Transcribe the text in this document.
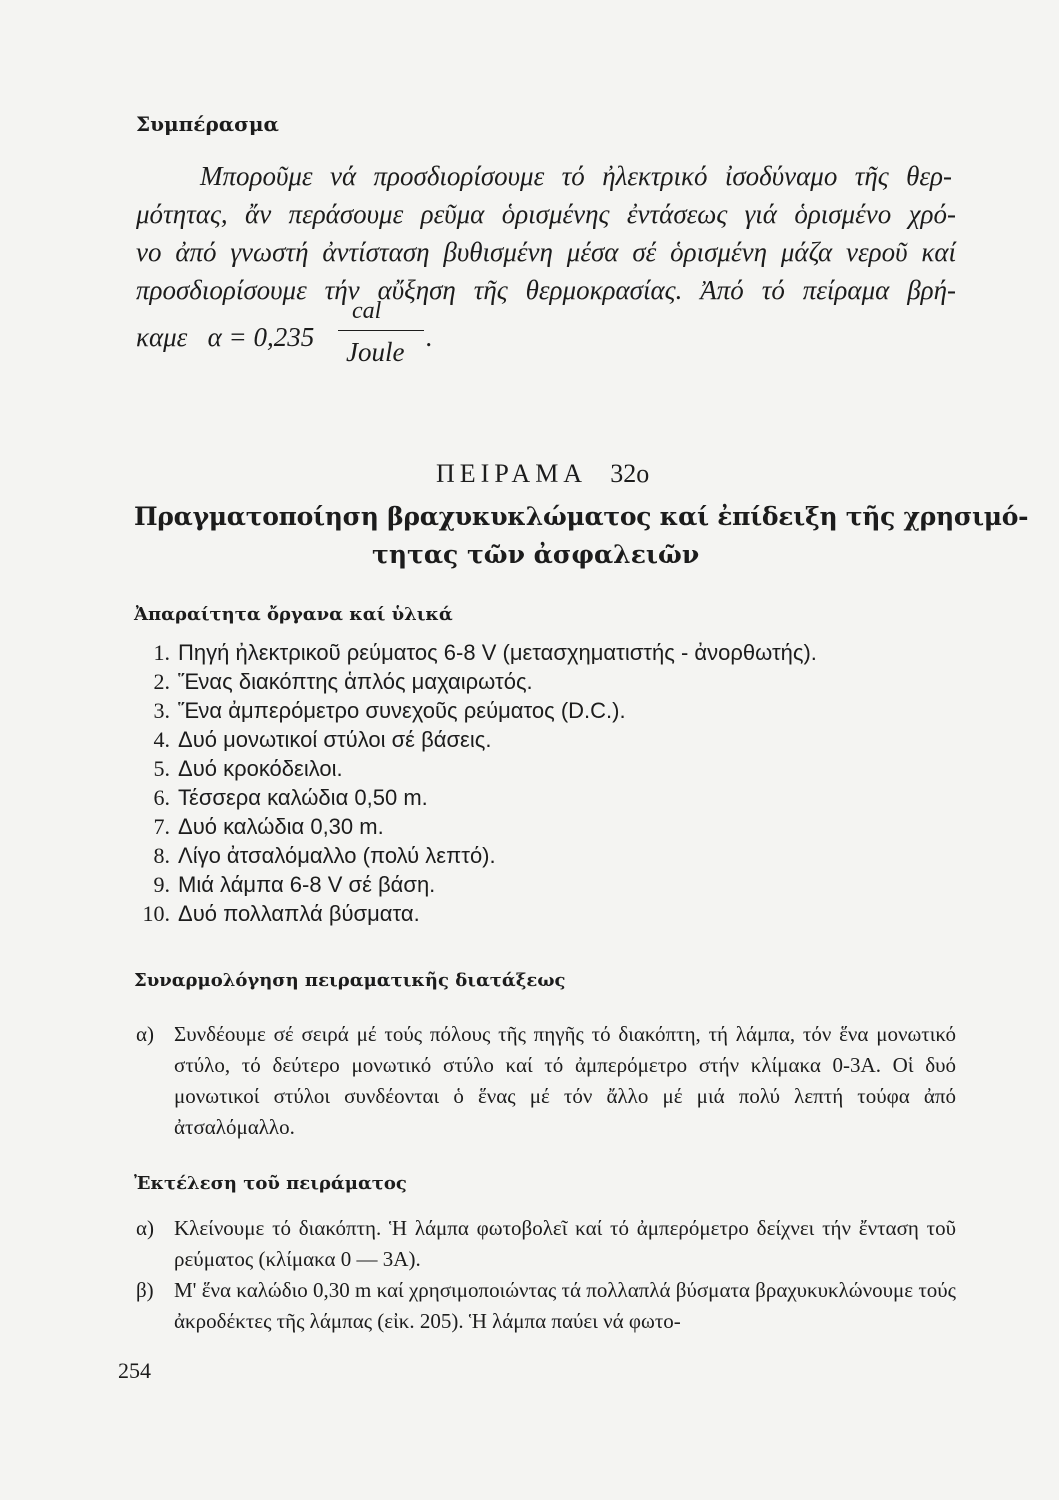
Συμπέρασμα
Μποροῦμε νά προσδιορίσουμε τό ἠλεκτρικό ἰσοδύναμο τῆς θερ-
μότητας, ἄν περάσουμε ρεῦμα ὁρισμένης ἐντάσεως γιά ὁρισμένο χρό-
νο ἀπό γνωστή ἀντίσταση βυθισμένη μέσα σέ ὁρισμένη μάζα νεροῦ καί
προσδιορίσουμε τήν αὔξηση τῆς θερμοκρασίας. Ἀπό τό πείραμα βρή-
καμε   α = 0,235
cal
Joule .
ΠΕΙΡΑΜΑ 32ο
Πραγματοποίηση βραχυκυκλώματος καί ἐπίδειξη τῆς χρησιμό-
τητας τῶν ἀσφαλειῶν
Ἀπαραίτητα ὄργανα καί ὑλικά
1. Πηγή ἠλεκτρικοῦ ρεύματος 6-8 V (μετασχηματιστής - ἀνορθωτής).
2. Ἕνας διακόπτης ἁπλός μαχαιρωτός.
3. Ἕνα ἀμπερόμετρο συνεχοῦς ρεύματος (D.C.).
4. Δυό μονωτικοί στύλοι σέ βάσεις.
5. Δυό κροκόδειλοι.
6. Τέσσερα καλώδια 0,50 m.
7. Δυό καλώδια 0,30 m.
8. Λίγο ἀτσαλόμαλλο (πολύ λεπτό).
9. Μιά λάμπα 6-8 V σέ βάση.
10. Δυό πολλαπλά βύσματα.
Συναρμολόγηση πειραματικῆς διατάξεως
α) Συνδέουμε σέ σειρά μέ τούς πόλους τῆς πηγῆς τό διακόπτη, τή λάμπα, τόν ἕνα μονωτικό στύλο, τό δεύτερο μονωτικό στύλο καί τό ἀμπερόμετρο στήν κλίμακα 0-3Α. Οἱ δυό μονωτικοί στύλοι συνδέονται ὁ ἕνας μέ τόν ἄλλο μέ μιά πολύ λεπτή τούφα ἀπό ἀτσαλόμαλλο.
Ἐκτέλεση τοῦ πειράματος
α) Κλείνουμε τό διακόπτη. Ἡ λάμπα φωτοβολεῖ καί τό ἀμπερόμετρο δείχνει τήν ἔνταση τοῦ ρεύματος (κλίμακα 0 — 3Α).
β) Μ' ἕνα καλώδιο 0,30 m καί χρησιμοποιώντας τά πολλαπλά βύσματα βραχυκυκλώνουμε τούς ἀκροδέκτες τῆς λάμπας (εἰκ. 205). Ἡ λάμπα παύει νά φωτο-
254
